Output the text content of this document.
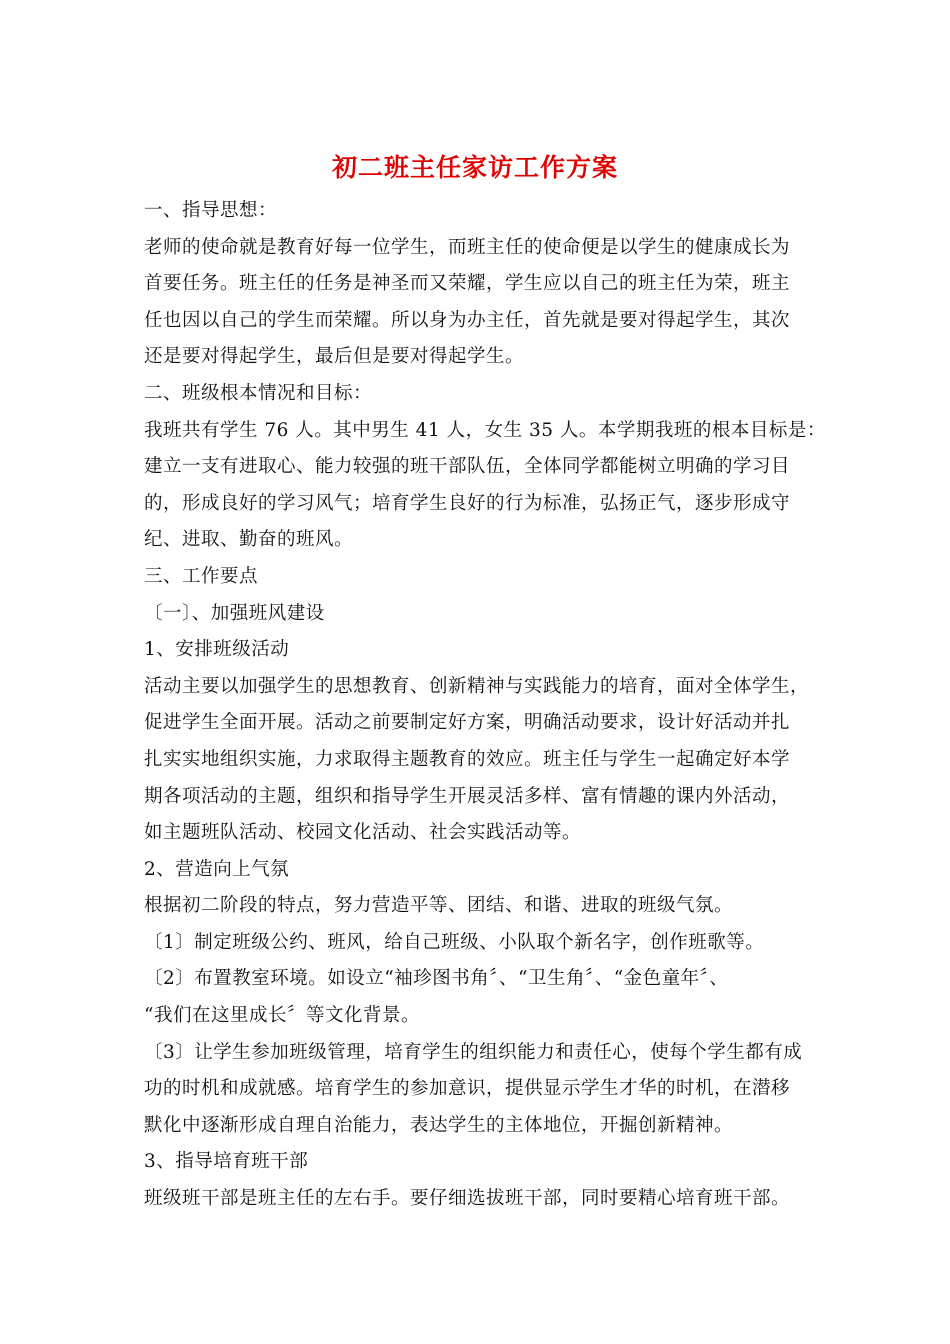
初二班主任家访工作方案
一、指导思想：
老师的使命就是教育好每一位学生，而班主任的使命便是以学生的健康成长为
首要任务。班主任的任务是神圣而又荣耀，学生应以自己的班主任为荣，班主
任也因以自己的学生而荣耀。所以身为办主任，首先就是要对得起学生，其次
还是要对得起学生，最后但是要对得起学生。
二、班级根本情况和目标：
我班共有学生 76 人。其中男生 41 人，女生 35 人。本学期我班的根本目标是：
建立一支有进取心、能力较强的班干部队伍，全体同学都能树立明确的学习目
的，形成良好的学习风气；培育学生良好的行为标准，弘扬正气，逐步形成守
纪、进取、勤奋的班风。
三、工作要点
〔一〕、加强班风建设
1、安排班级活动
活动主要以加强学生的思想教育、创新精神与实践能力的培育，面对全体学生，
促进学生全面开展。活动之前要制定好方案，明确活动要求，设计好活动并扎
扎实实地组织实施，力求取得主题教育的效应。班主任与学生一起确定好本学
期各项活动的主题，组织和指导学生开展灵活多样、富有情趣的课内外活动，
如主题班队活动、校园文化活动、社会实践活动等。
2、营造向上气氛
根据初二阶段的特点，努力营造平等、团结、和谐、进取的班级气氛。
〔1〕制定班级公约、班风，给自己班级、小队取个新名字，创作班歌等。
〔2〕布置教室环境。如设立“袖珍图书角〞、“卫生角〞、“金色童年〞、
“我们在这里成长〞等文化背景。
〔3〕让学生参加班级管理，培育学生的组织能力和责任心，使每个学生都有成
功的时机和成就感。培育学生的参加意识，提供显示学生才华的时机，在潜移
默化中逐渐形成自理自治能力，表达学生的主体地位，开掘创新精神。
3、指导培育班干部
班级班干部是班主任的左右手。要仔细选拔班干部，同时要精心培育班干部。
